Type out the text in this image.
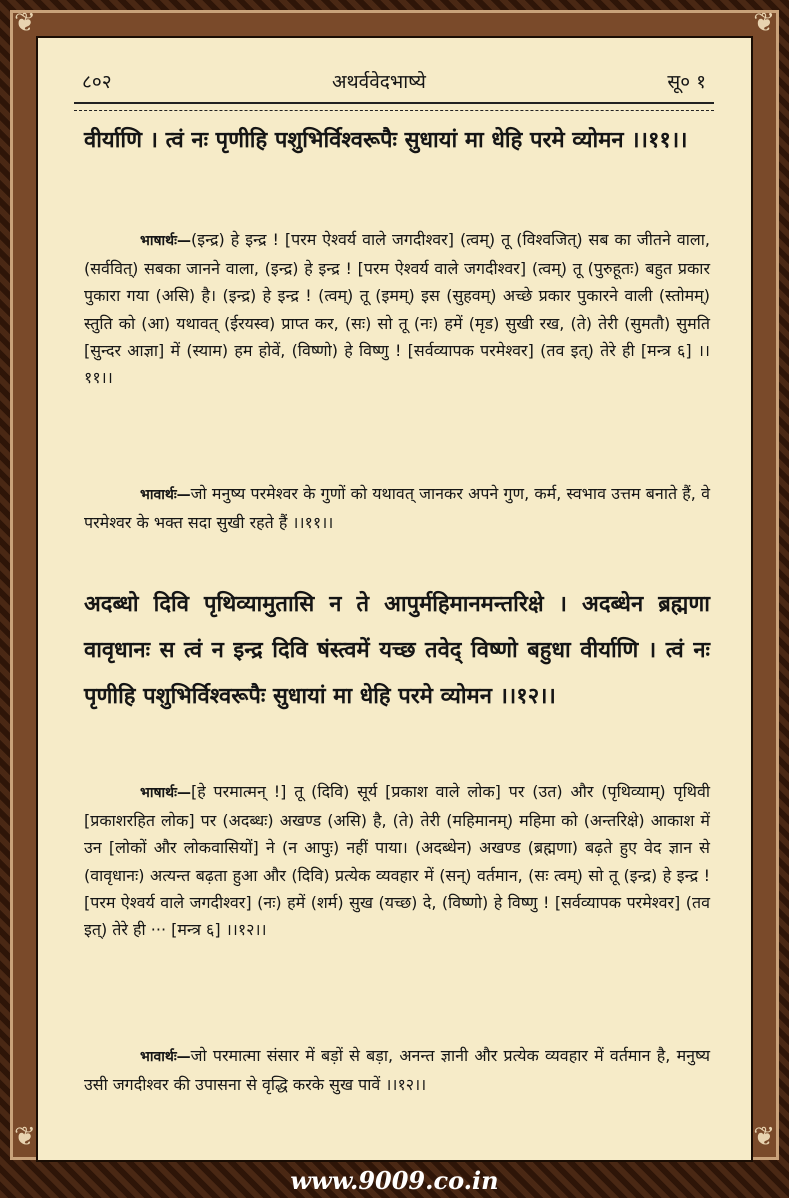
❦	❦
❦	❦
८०२	अथर्ववेदभाष्ये	सू० १
वीर्याणि । त्वं नः पृणीहि पशुभिर्विश्वरूपैः सुधायां मा धेहि परमे व्योमन ।।११।।
भाषार्थः—(इन्द्र) हे इन्द्र ! [परम ऐश्वर्य वाले जगदीश्वर] (त्वम्) तू (विश्वजित्) सब का जीतने वाला, (सर्ववित्) सबका जानने वाला, (इन्द्र) हे इन्द्र ! [परम ऐश्वर्य वाले जगदीश्वर] (त्वम्) तू (पुरुहूतः) बहुत प्रकार पुकारा गया (असि) है। (इन्द्र) हे इन्द्र ! (त्वम्) तू (इमम्) इस (सुहवम्) अच्छे प्रकार पुकारने वाली (स्तोमम्) स्तुति को (आ) यथावत् (ईरयस्व) प्राप्त कर, (सः) सो तू (नः) हमें (मृड) सुखी रख, (ते) तेरी (सुमतौ) सुमति [सुन्दर आज्ञा] में (स्याम) हम होवें, (विष्णो) हे विष्णु ! [सर्वव्यापक परमेश्वर] (तव इत्) तेरे ही [मन्त्र ६] ।।११।।
भावार्थः—जो मनुष्य परमेश्वर के गुणों को यथावत् जानकर अपने गुण, कर्म, स्वभाव उत्तम बनाते हैं, वे परमेश्वर के भक्त सदा सुखी रहते हैं ।।११।।
अदब्धो दिवि पृथिव्यामुतासि न ते आपुर्महिमानमन्तरिक्षे । अदब्धेन ब्रह्मणा वावृधानः स त्वं न इन्द्र दिवि षंस्त्वमें यच्छ तवेद् विष्णो बहुधा वीर्याणि । त्वं नः पृणीहि पशुभिर्विश्वरूपैः सुधायां मा धेहि परमे व्योमन ।।१२।।
भाषार्थः—[हे परमात्मन् !] तू (दिवि) सूर्य [प्रकाश वाले लोक] पर (उत) और (पृथिव्याम्) पृथिवी [प्रकाशरहित लोक] पर (अदब्धः) अखण्ड (असि) है, (ते) तेरी (महिमानम्) महिमा को (अन्तरिक्षे) आकाश में उन [लोकों और लोकवासियों] ने (न आपुः) नहीं पाया। (अदब्धेन) अखण्ड (ब्रह्मणा) बढ़ते हुए वेद ज्ञान से (वावृधानः) अत्यन्त बढ़ता हुआ और (दिवि) प्रत्येक व्यवहार में (सन्) वर्तमान, (सः त्वम्) सो तू (इन्द्र) हे इन्द्र ! [परम ऐश्वर्य वाले जगदीश्वर] (नः) हमें (शर्म) सुख (यच्छ) दे, (विष्णो) हे विष्णु ! [सर्वव्यापक परमेश्वर] (तव इत्) तेरे ही ··· [मन्त्र ६] ।।१२।।
भावार्थः—जो परमात्मा संसार में बड़ों से बड़ा, अनन्त ज्ञानी और प्रत्येक व्यवहार में वर्तमान है, मनुष्य उसी जगदीश्वर की उपासना से वृद्धि करके सुख पावें ।।१२।।
www.9009.co.in
